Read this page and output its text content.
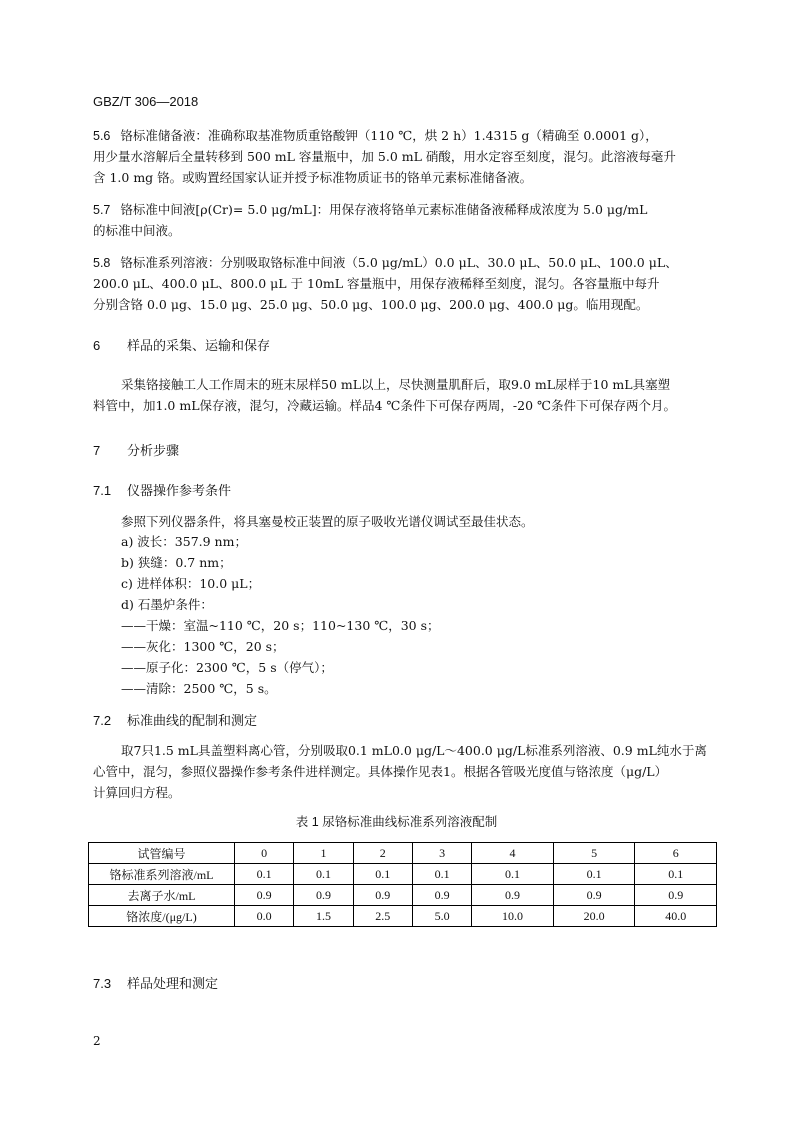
GBZ/T 306—2018
5.6 铬标准储备液：准确称取基准物质重铬酸钾（110 ℃，烘 2 h）1.4315 g（精确至 0.0001 g），
用少量水溶解后全量转移到 500 mL 容量瓶中，加 5.0 mL 硝酸，用水定容至刻度，混匀。此溶液每毫升
含 1.0 mg 铬。或购置经国家认证并授予标准物质证书的铬单元素标准储备液。
5.7 铬标准中间液[ρ(Cr)= 5.0 μg/mL]：用保存液将铬单元素标准储备液稀释成浓度为 5.0 μg/mL
的标准中间液。
5.8 铬标准系列溶液：分别吸取铬标准中间液（5.0 μg/mL）0.0 μL、30.0 μL、50.0 μL、100.0 μL、
200.0 μL、400.0 μL、800.0 μL 于 10mL 容量瓶中，用保存液稀释至刻度，混匀。各容量瓶中每升
分别含铬 0.0 μg、15.0 μg、25.0 μg、50.0 μg、100.0 μg、200.0 μg、400.0 μg。临用现配。
6 样品的采集、运输和保存
采集铬接触工人工作周末的班末尿样50 mL以上，尽快测量肌酐后，取9.0 mL尿样于10 mL具塞塑
料管中，加1.0 mL保存液，混匀，冷藏运输。样品4 ℃条件下可保存两周，-20 ℃条件下可保存两个月。
7 分析步骤
7.1 仪器操作参考条件
参照下列仪器条件，将具塞曼校正装置的原子吸收光谱仪调试至最佳状态。
a) 波长：357.9 nm；
b) 狭缝：0.7 nm；
c) 进样体积：10.0 μL；
d) 石墨炉条件：
——干燥：室温~110 ℃，20 s；110~130 ℃，30 s；
——灰化：1300 ℃，20 s；
——原子化：2300 ℃，5 s（停气）；
——清除：2500 ℃，5 s。
7.2 标准曲线的配制和测定
取7只1.5 mL具盖塑料离心管，分别吸取0.1 mL0.0 μg/L～400.0 μg/L标准系列溶液、0.9 mL纯水于离
心管中，混匀，参照仪器操作参考条件进样测定。具体操作见表1。根据各管吸光度值与铬浓度（μg/L）
计算回归方程。
表 1 尿铬标准曲线标准系列溶液配制
试管编号	0	1	2	3	4	5	6
铬标准系列溶液/mL	0.1	0.1	0.1	0.1	0.1	0.1	0.1
去离子水/mL	0.9	0.9	0.9	0.9	0.9	0.9	0.9
铬浓度/(μg/L)	0.0	1.5	2.5	5.0	10.0	20.0	40.0
7.3 样品处理和测定
2
